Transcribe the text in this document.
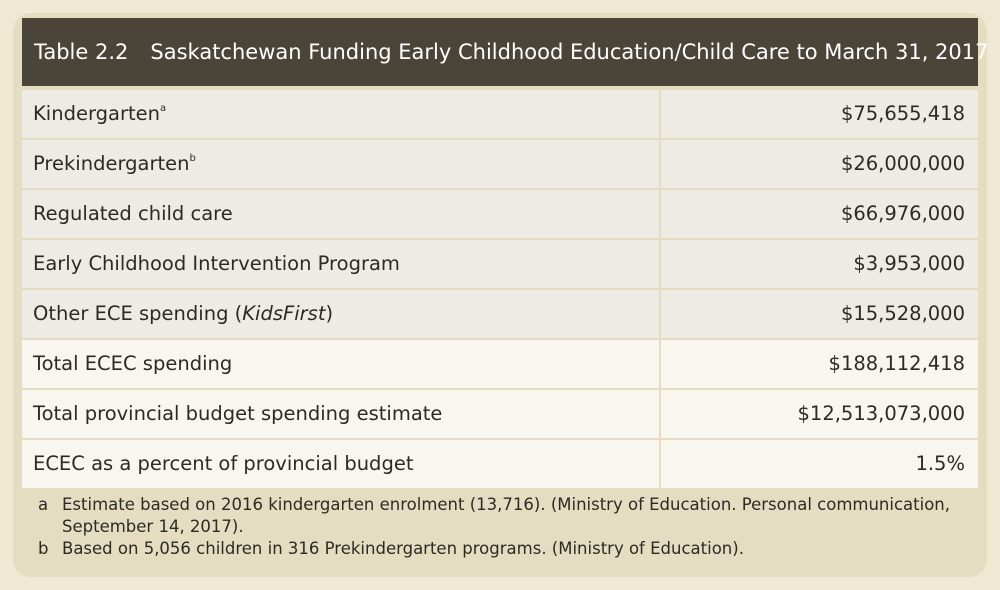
Table 2.2 Saskatchewan Funding Early Childhood Education/Child Care to March 31, 2017
Kindergarten$^a$	$75,655,418
Prekindergarten$^b$	$26,000,000
Regulated child care	$66,976,000
Early Childhood Intervention Program	$3,953,000
Other ECE spending (KidsFirst)	$15,528,000
Total ECEC spending	$188,112,418
Total provincial budget spending estimate	$12,513,073,000
ECEC as a percent of provincial budget	1.5%
a Estimate based on 2016 kindergarten enrolment (13,716). (Ministry of Education. Personal communication, September 14, 2017).
b Based on 5,056 children in 316 Prekindergarten programs. (Ministry of Education).
